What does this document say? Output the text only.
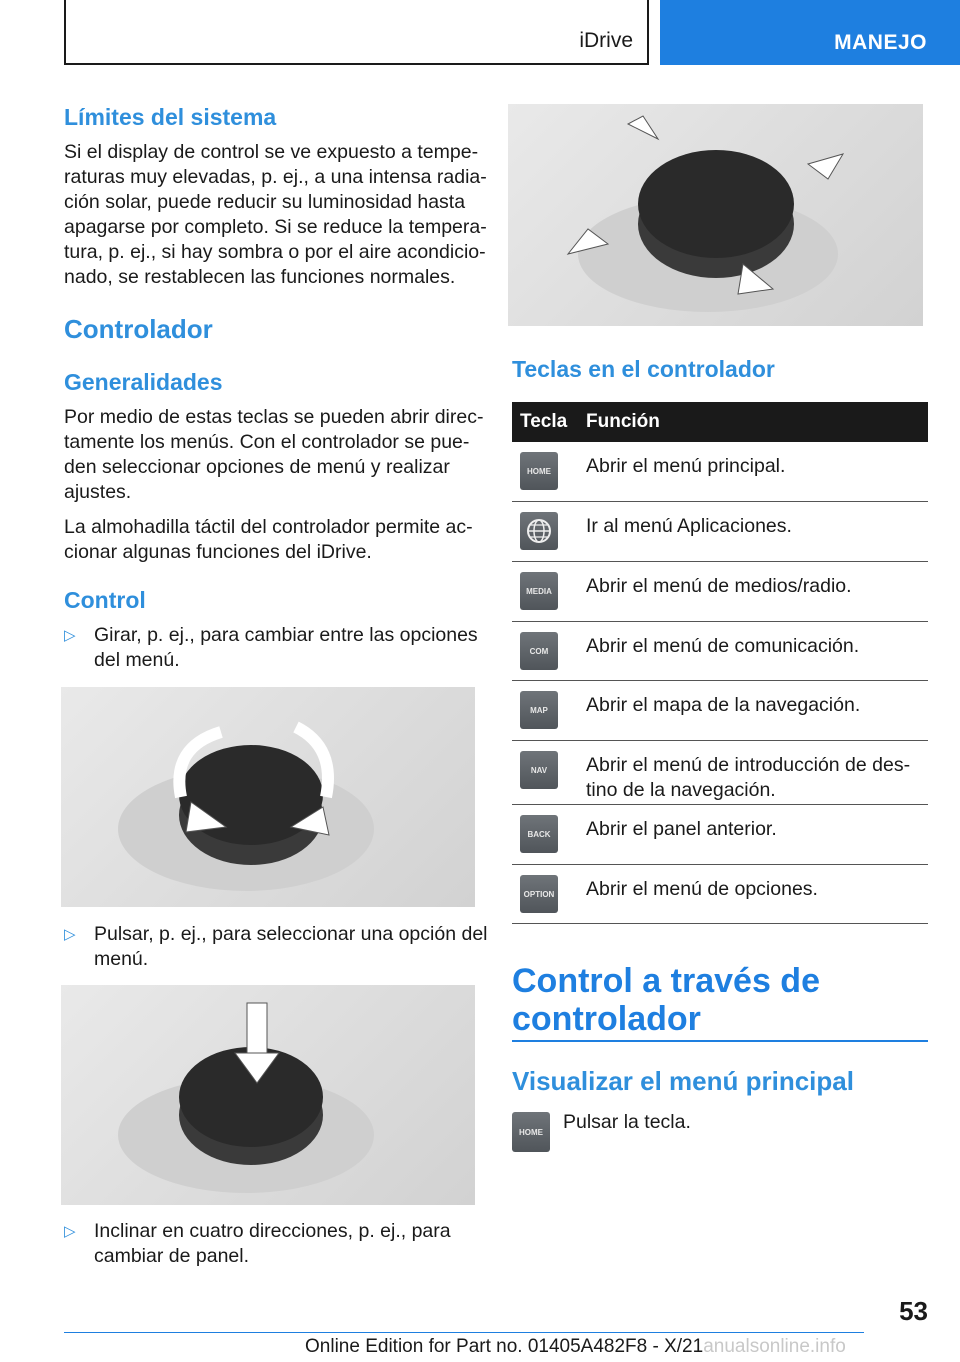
iDrive	MANEJO
Límites del sistema
Si el display de control se ve expuesto a tempe‐
raturas muy elevadas, p. ej., a una intensa radia‐
ción solar, puede reducir su luminosidad hasta
apagarse por completo. Si se reduce la tempera‐
tura, p. ej., si hay sombra o por el aire acondicio‐
nado, se restablecen las funciones normales.
Controlador
Generalidades
Por medio de estas teclas se pueden abrir direc‐
tamente los menús. Con el controlador se pue‐
den seleccionar opciones de menú y realizar
ajustes.
La almohadilla táctil del controlador permite ac‐
cionar algunas funciones del iDrive.
Control
▷ Girar, p. ej., para cambiar entre las opciones
del menú.
▷ Pulsar, p. ej., para seleccionar una opción del
menú.
▷ Inclinar en cuatro direcciones, p. ej., para
cambiar de panel.
Teclas en el controlador
Tecla Función
HOME	Abrir el menú principal.
Ir al menú Aplicaciones.
MEDIA	Abrir el menú de medios/radio.
COM	Abrir el menú de comunicación.
MAP	Abrir el mapa de la navegación.
NAV	Abrir el menú de introducción de des‐
tino de la navegación.
BACK	Abrir el panel anterior.
OPTION Abrir el menú de opciones.
Control a través de
controlador
Visualizar el menú principal
HOME	Pulsar la tecla.
53
Online Edition for Part no. 01405A482F8 - X/21anualsonline.info
